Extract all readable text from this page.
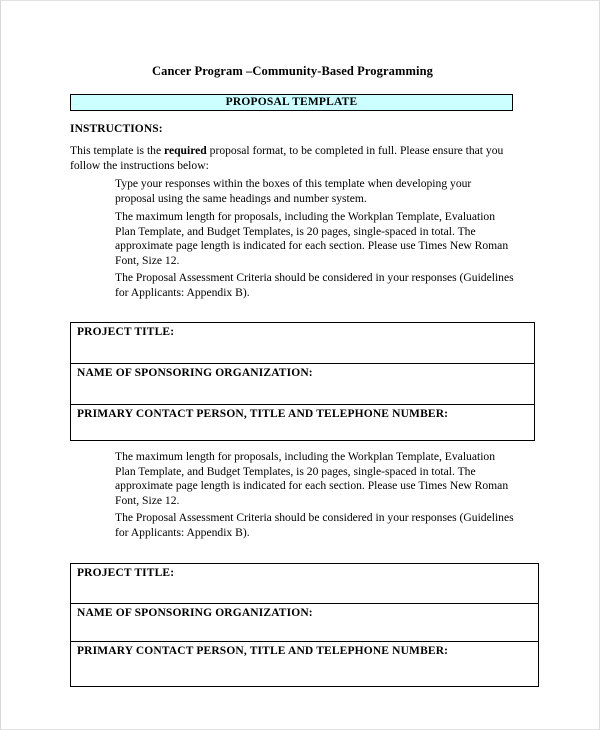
Cancer Program –Community-Based Programming
PROPOSAL TEMPLATE
INSTRUCTIONS:
This template is the required proposal format, to be completed in full. Please ensure that you follow the instructions below:
Type your responses within the boxes of this template when developing your proposal using the same headings and number system.
The maximum length for proposals, including the Workplan Template, Evaluation Plan Template, and Budget Templates, is 20 pages, single-spaced in total. The approximate page length is indicated for each section. Please use Times New Roman Font, Size 12.
The Proposal Assessment Criteria should be considered in your responses (Guidelines for Applicants: Appendix B).
The maximum length for proposals, including the Workplan Template, Evaluation Plan Template, and Budget Templates, is 20 pages, single-spaced in total. The approximate page length is indicated for each section. Please use Times New Roman Font, Size 12.
The Proposal Assessment Criteria should be considered in your responses (Guidelines for Applicants: Appendix B).
PROJECT TITLE:
NAME OF SPONSORING ORGANIZATION:
PRIMARY CONTACT PERSON, TITLE AND TELEPHONE NUMBER:
PROJECT TITLE:
NAME OF SPONSORING ORGANIZATION:
PRIMARY CONTACT PERSON, TITLE AND TELEPHONE NUMBER:
